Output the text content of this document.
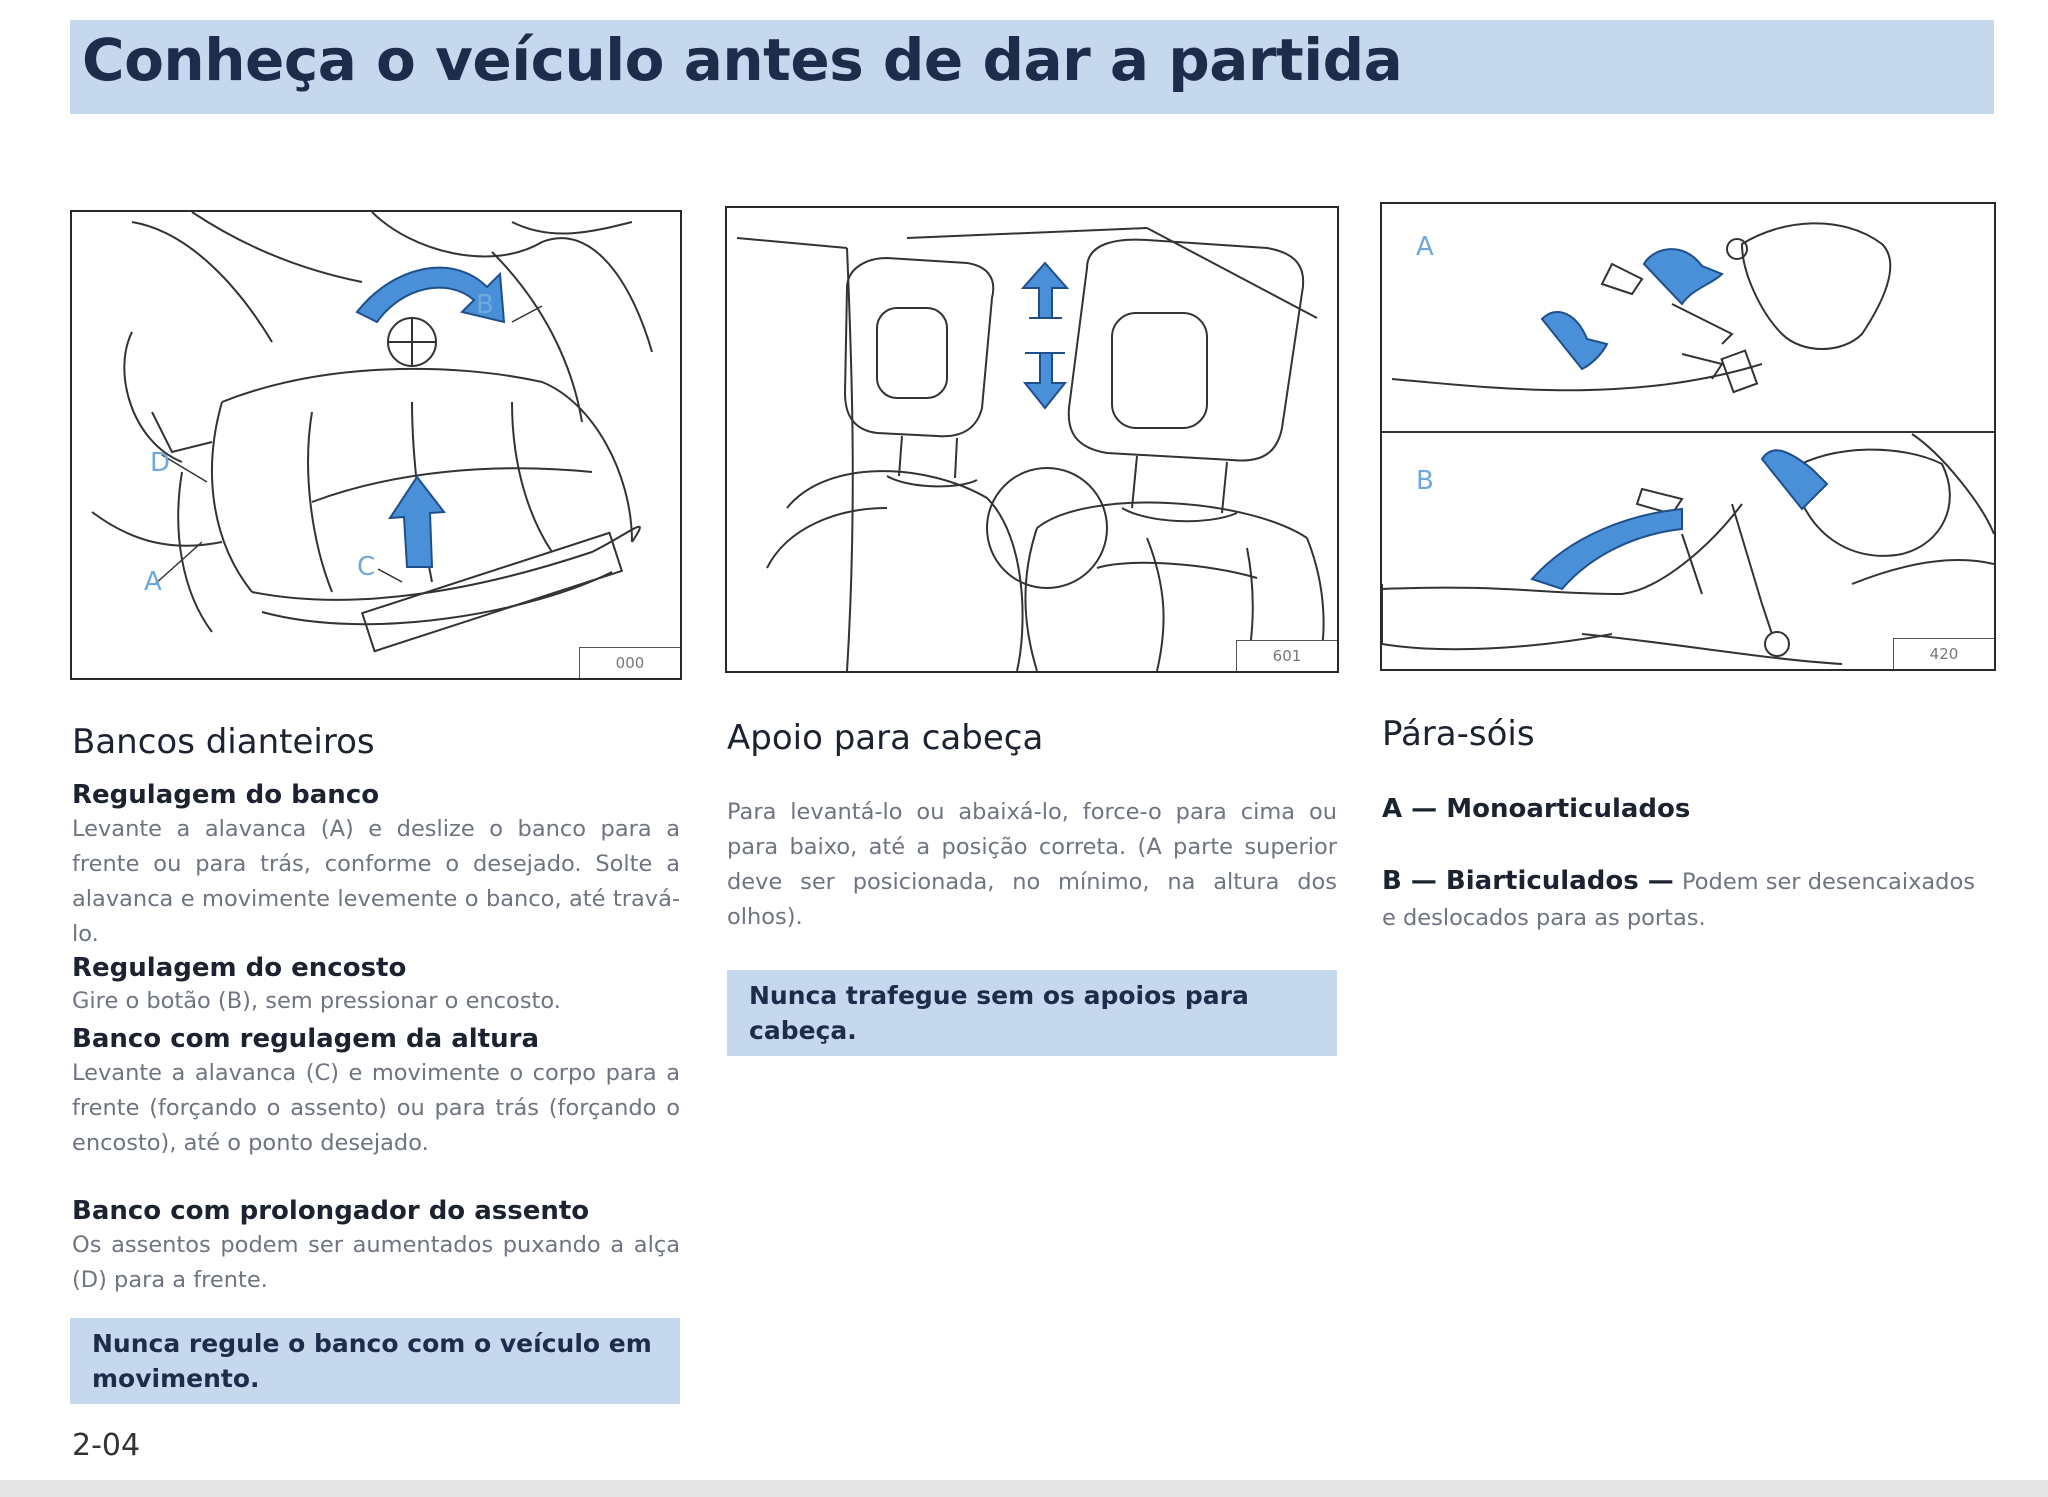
Conheça o veículo antes de dar a partida
A
B
C
D
000
Bancos dianteiros
Regulagem do banco

Levante a alavanca (A) e deslize o banco para a frente ou para trás, conforme o desejado. Solte a alavanca e movimente levemente o banco, até travá-lo.

Regulagem do encosto

Gire o botão (B), sem pressionar o encosto.

Banco com regulagem da altura

Levante a alavanca (C) e movimente o corpo para a frente (forçando o assento) ou para trás (forçando o encosto), até o ponto desejado.

Banco com prolongador do assento

Os assentos podem ser aumentados puxando a alça (D) para a frente.

Nunca regule o banco com o veículo em movimento.

2-04
601
Apoio para cabeça

Para levantá-lo ou abaixá-lo, force-o para cima ou para baixo, até a posição correta. (A parte superior deve ser posicionada, no mínimo, na altura dos olhos).

Nunca trafegue sem os apoios para cabeça.

A
B
420
Pára-sóis

A — Monoarticulados

B — Biarticulados — Podem ser desencaixados e deslocados para as portas.
